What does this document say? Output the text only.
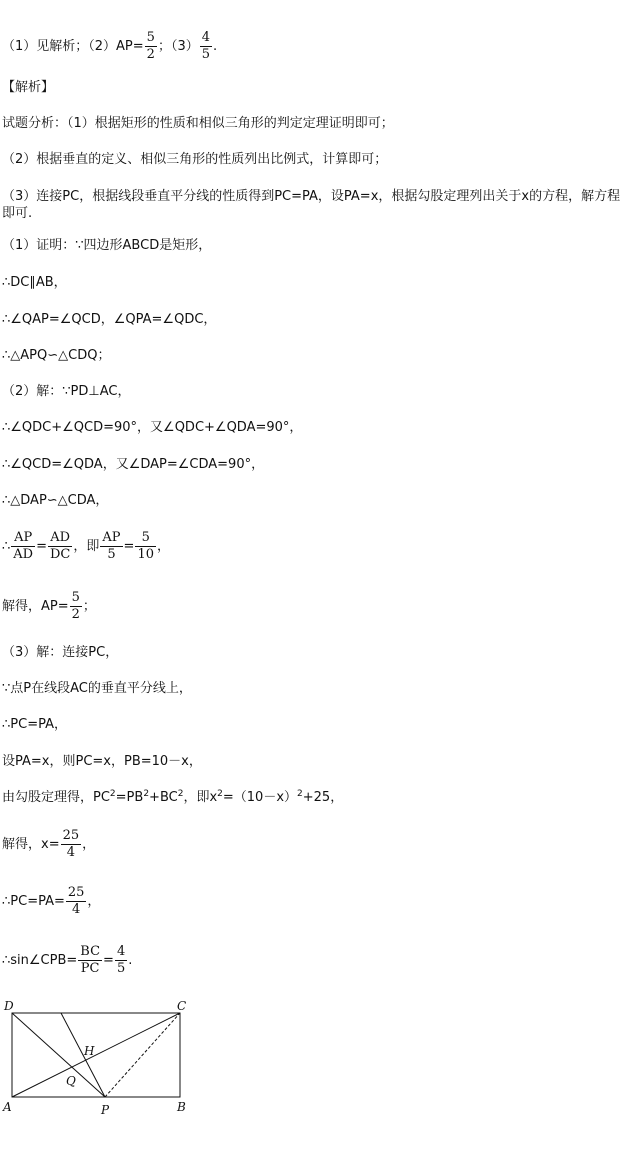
（1）见解析；$(2)AP= \frac{5}{2}$ ；$(3) \frac{4}{5}$ .
【解析】
试题分析：（1）根据矩形的性质和相似三角形的判定定理证明即可；
（2）根据垂直的定义、相似三角形的性质列出比例式，计算即可；
（3）连接PC，根据线段垂直平分线的性质得到PC=PA，设PA=x，根据勾股定理列出关于x的方程，解方程即可.
（1）证明：∵四边形ABCD是矩形，
∴DC∥AB，
∴∠QAP=∠QCD，∠QPA=∠QDC，
∴△APQ∽△CDQ；
（2）解：∵PD⊥AC，
∴∠QDC+∠QCD=90°，又∠QDC+∠QDA=90°，
∴∠QCD=∠QDA，又∠DAP=∠CDA=90°，
∴△DAP∽△CDA，
∴ $\frac{AP}{AD} = \frac{AD}{DC}$ ，即 $\frac{AP}{5} = \frac{5}{10}$ ，
解得，$AP= \frac{5}{2}$ ；
（3）解：连接PC，
∵点P在线段AC的垂直平分线上，
∴PC=PA，
设PA=x，则PC=x，PB=10－x，
由勾股定理得，$PC^2=PB^2+BC^2$，即$x^2=(10-x)^2+25$，
解得，$x= \frac{25}{4}$ ，
∴PC=PA= $\frac{25}{4}$ ，
∴sin∠CPB= $\frac{BC}{PC} = \frac{4}{5}$ .
D	C
A	B
P
Q
H
